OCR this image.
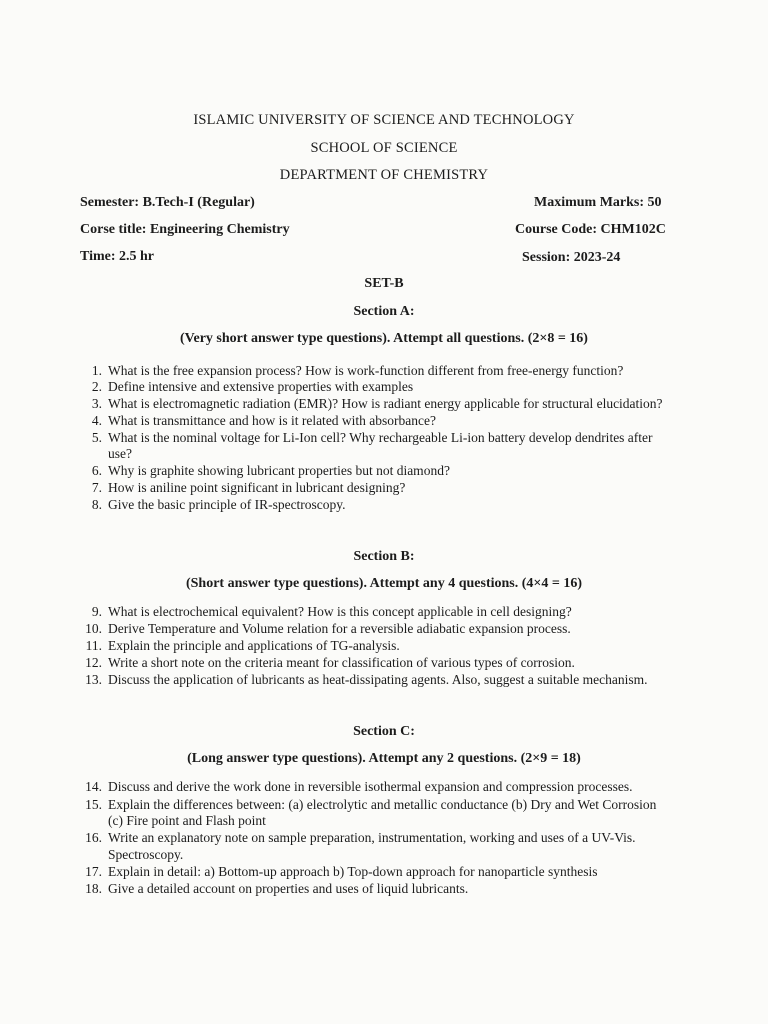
ISLAMIC UNIVERSITY OF SCIENCE AND TECHNOLOGY
SCHOOL OF SCIENCE
DEPARTMENT OF CHEMISTRY
Semester: B.Tech-I (Regular)	Maximum Marks: 50
Corse title: Engineering Chemistry	Course Code: CHM102C
Time: 2.5 hr	Session: 2023-24
SET-B
Section A:
(Very short answer type questions). Attempt all questions. (2×8 = 16)
1. What is the free expansion process? How is work-function different from free-energy function?
2. Define intensive and extensive properties with examples
3. What is electromagnetic radiation (EMR)? How is radiant energy applicable for structural elucidation?
4. What is transmittance and how is it related with absorbance?
5. What is the nominal voltage for Li-Ion cell? Why rechargeable Li-ion battery develop dendrites after
use?
6. Why is graphite showing lubricant properties but not diamond?
7. How is aniline point significant in lubricant designing?
8. Give the basic principle of IR-spectroscopy.
Section B:
(Short answer type questions). Attempt any 4 questions. (4×4 = 16)
9. What is electrochemical equivalent? How is this concept applicable in cell designing?
10. Derive Temperature and Volume relation for a reversible adiabatic expansion process.
11. Explain the principle and applications of TG-analysis.
12. Write a short note on the criteria meant for classification of various types of corrosion.
13. Discuss the application of lubricants as heat-dissipating agents. Also, suggest a suitable mechanism.
Section C:
(Long answer type questions). Attempt any 2 questions. (2×9 = 18)
14. Discuss and derive the work done in reversible isothermal expansion and compression processes.
15. Explain the differences between: (a) electrolytic and metallic conductance (b) Dry and Wet Corrosion
(c) Fire point and Flash point
16. Write an explanatory note on sample preparation, instrumentation, working and uses of a UV-Vis.
Spectroscopy.
17. Explain in detail: a) Bottom-up approach b) Top-down approach for nanoparticle synthesis
18. Give a detailed account on properties and uses of liquid lubricants.
